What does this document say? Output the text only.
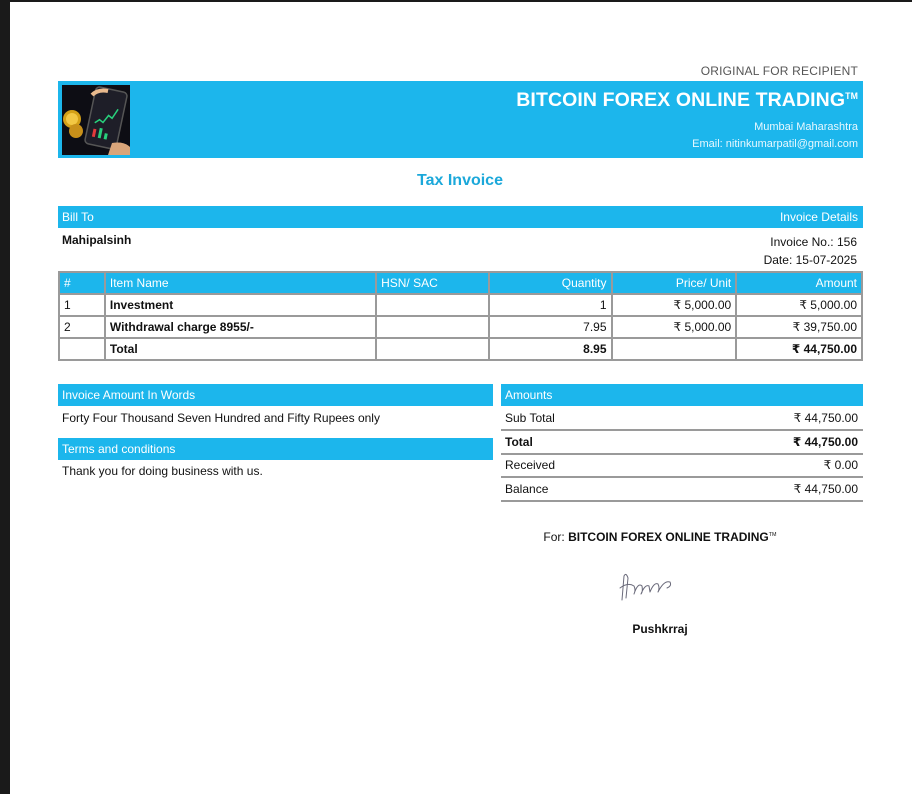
ORIGINAL FOR RECIPIENT
BITCOIN FOREX ONLINE TRADING™
Mumbai Maharashtra
Email: nitinkumarpatil@gmail.com
Tax Invoice
Bill To	Invoice Details
Mahipalsinh	Invoice No.: 156
Date: 15-07-2025
#	Item Name	HSN/ SAC	Quantity	Price/ Unit	Amount
1	Investment		1	₹ 5,000.00	₹ 5,000.00
2	Withdrawal charge 8955/-		7.95	₹ 5,000.00	₹ 39,750.00
	Total		8.95		₹ 44,750.00
Invoice Amount In Words
Forty Four Thousand Seven Hundred and Fifty Rupees only
Terms and conditions
Thank you for doing business with us.
Amounts
Sub Total	₹ 44,750.00
Total	₹ 44,750.00
Received	₹ 0.00
Balance	₹ 44,750.00
For: BITCOIN FOREX ONLINE TRADING™
Pushkrraj
